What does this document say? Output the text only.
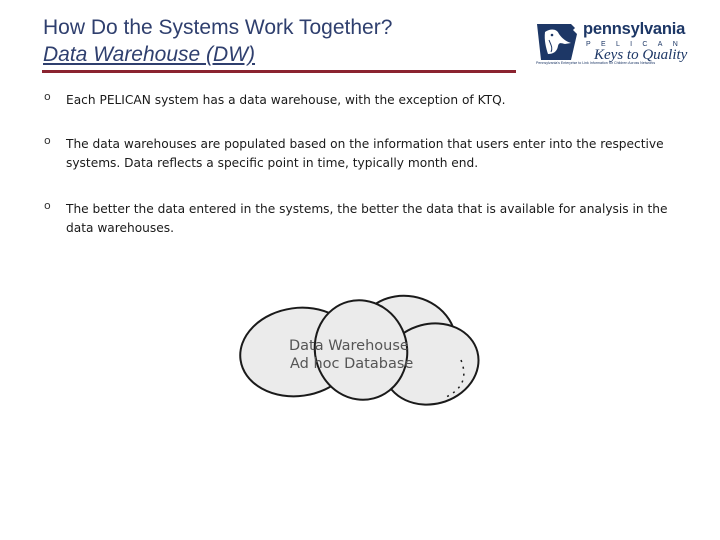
How Do the Systems Work Together?
Data Warehouse (DW)
pennsylvania
PELICAN
Keys to Quality
Pennsylvania's Enterprise to Link Information for Children Across Networks
o Each PELICAN system has a data warehouse, with the exception of KTQ.
o The data warehouses are populated based on the information that users enter into the respective systems. Data reflects a specific point in time, typically month end.
o The better the data entered in the systems, the better the data that is available for analysis in the data warehouses.
Data Warehouse
Ad hoc Database
